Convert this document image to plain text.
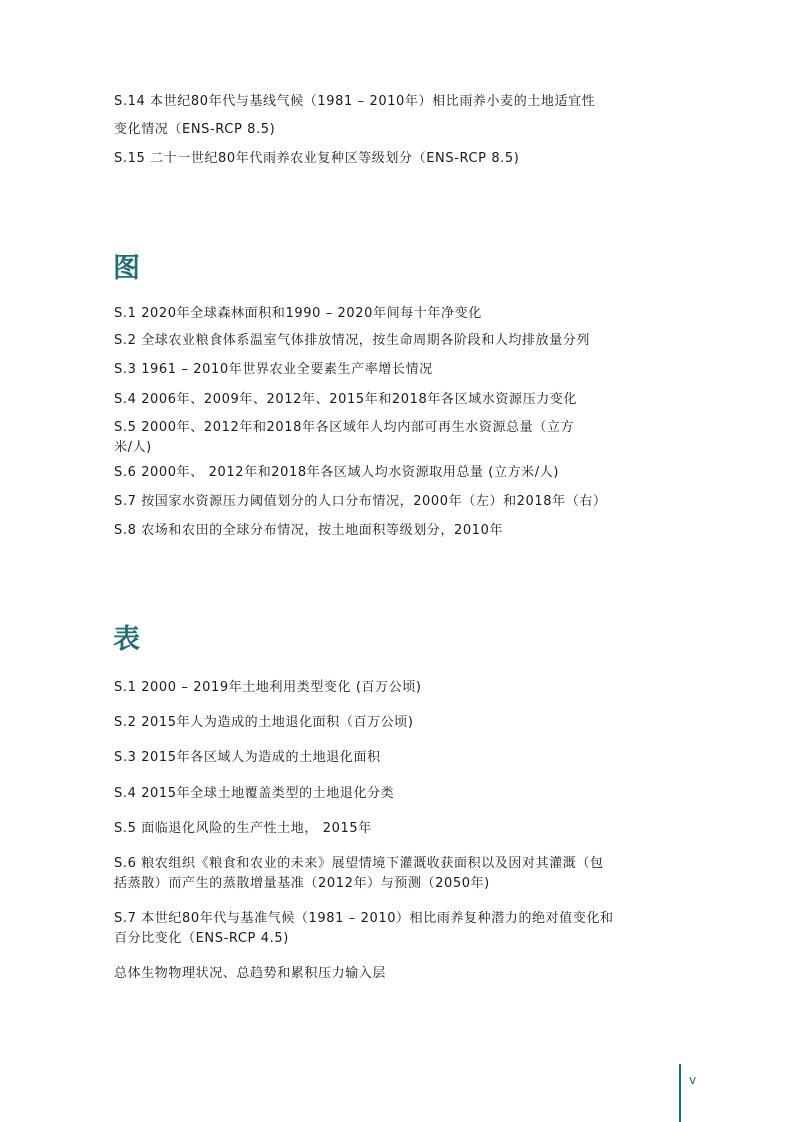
S.14 本世纪80年代与基线气候（1981 – 2010年）相比雨养小麦的土地适宜性

变化情况（ENS-RCP 8.5)

S.15 二十一世纪80年代雨养农业复种区等级划分（ENS-RCP 8.5)

图

S.1 2020年全球森林面积和1990 – 2020年间每十年净变化

S.2 全球农业粮食体系温室气体排放情况，按生命周期各阶段和人均排放量分列

S.3 1961 – 2010年世界农业全要素生产率增长情况

S.4 2006年、2009年、2012年、2015年和2018年各区域水资源压力变化

S.5 2000年、2012年和2018年各区域年人均内部可再生水资源总量（立方
米/人)

S.6 2000年、 2012年和2018年各区域人均水资源取用总量 (立方米/人)

S.7 按国家水资源压力阈值划分的人口分布情况，2000年（左）和2018年（右）

S.8 农场和农田的全球分布情况，按土地面积等级划分，2010年

表

S.1 2000 – 2019年土地利用类型变化 (百万公顷)

S.2 2015年人为造成的土地退化面积（百万公顷)

S.3 2015年各区域人为造成的土地退化面积

S.4 2015年全球土地覆盖类型的土地退化分类

S.5 面临退化风险的生产性土地， 2015年

S.6 粮农组织《粮食和农业的未来》展望情境下灌溉收获面积以及因对其灌溉（包
括蒸散）而产生的蒸散增量基准（2012年）与预测（2050年)

S.7 本世纪80年代与基准气候（1981 – 2010）相比雨养复种潜力的绝对值变化和
百分比变化（ENS-RCP 4.5)

总体生物物理状况、总趋势和累积压力输入层

v
